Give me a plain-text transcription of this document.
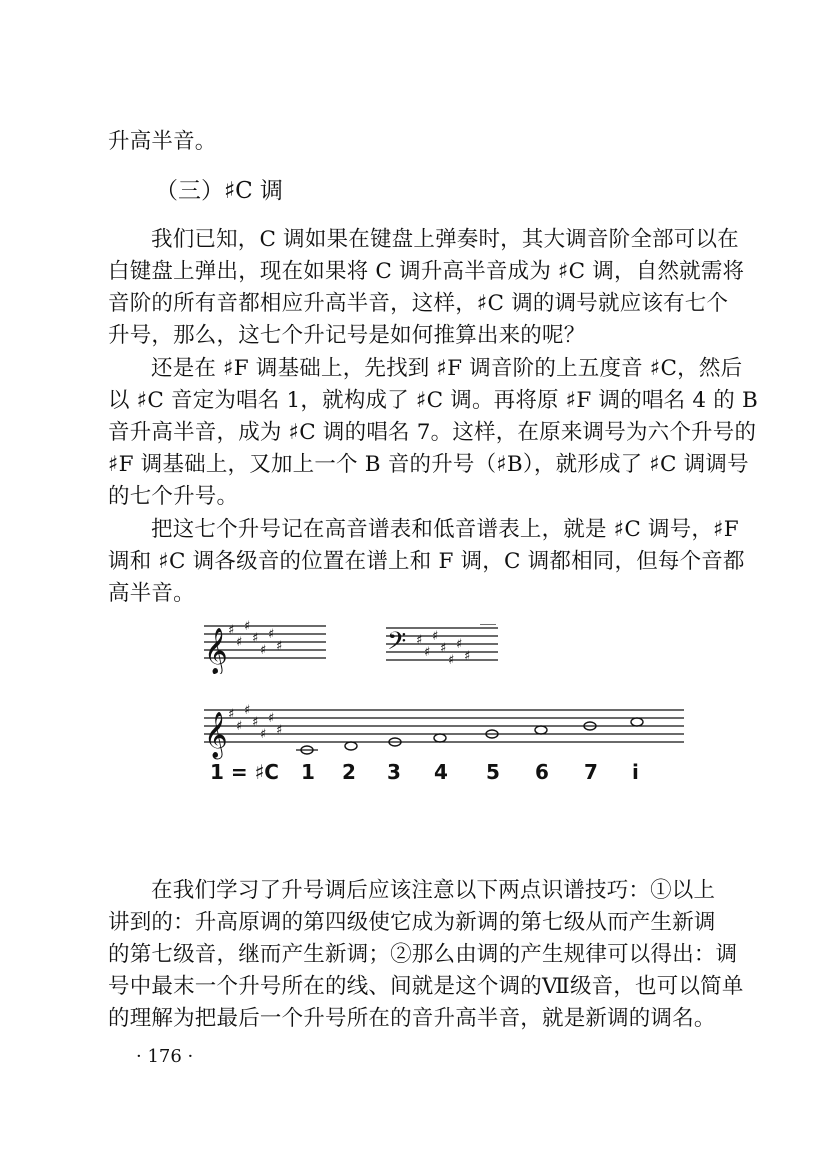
升高半音。
（三）♯C 调
我们已知，C 调如果在键盘上弹奏时，其大调音阶全部可以在
白键盘上弹出，现在如果将 C 调升高半音成为 ♯C 调，自然就需将
音阶的所有音都相应升高半音，这样，♯C 调的调号就应该有七个
升号，那么，这七个升记号是如何推算出来的呢？
还是在 ♯F 调基础上，先找到 ♯F 调音阶的上五度音 ♯C，然后
以 ♯C 音定为唱名 1，就构成了 ♯C 调。再将原 ♯F 调的唱名 4 的 B
音升高半音，成为 ♯C 调的唱名 7。这样，在原来调号为六个升号的
♯F 调基础上，又加上一个 B 音的升号（♯B），就形成了 ♯C 调调号
的七个升号。
把这七个升号记在高音谱表和低音谱表上，就是 ♯C 调号，♯F
调和 ♯C 调各级音的位置在谱上和 F 调，C 调都相同，但每个音都
高半音。
𝄞 ♯
♯
♯
♯
♯
♯
♯	𝄢 ♯
♯
♯
♯
♯
♯
♯
𝄞 ♯
♯
♯
♯
♯
♯
♯
1 = ♯C 1 2 3 4 5 6 7 i
在我们学习了升号调后应该注意以下两点识谱技巧：①以上
讲到的：升高原调的第四级使它成为新调的第七级从而产生新调
的第七级音，继而产生新调；②那么由调的产生规律可以得出：调
号中最末一个升号所在的线、间就是这个调的Ⅶ级音，也可以简单
的理解为把最后一个升号所在的音升高半音，就是新调的调名。
· 176 ·
